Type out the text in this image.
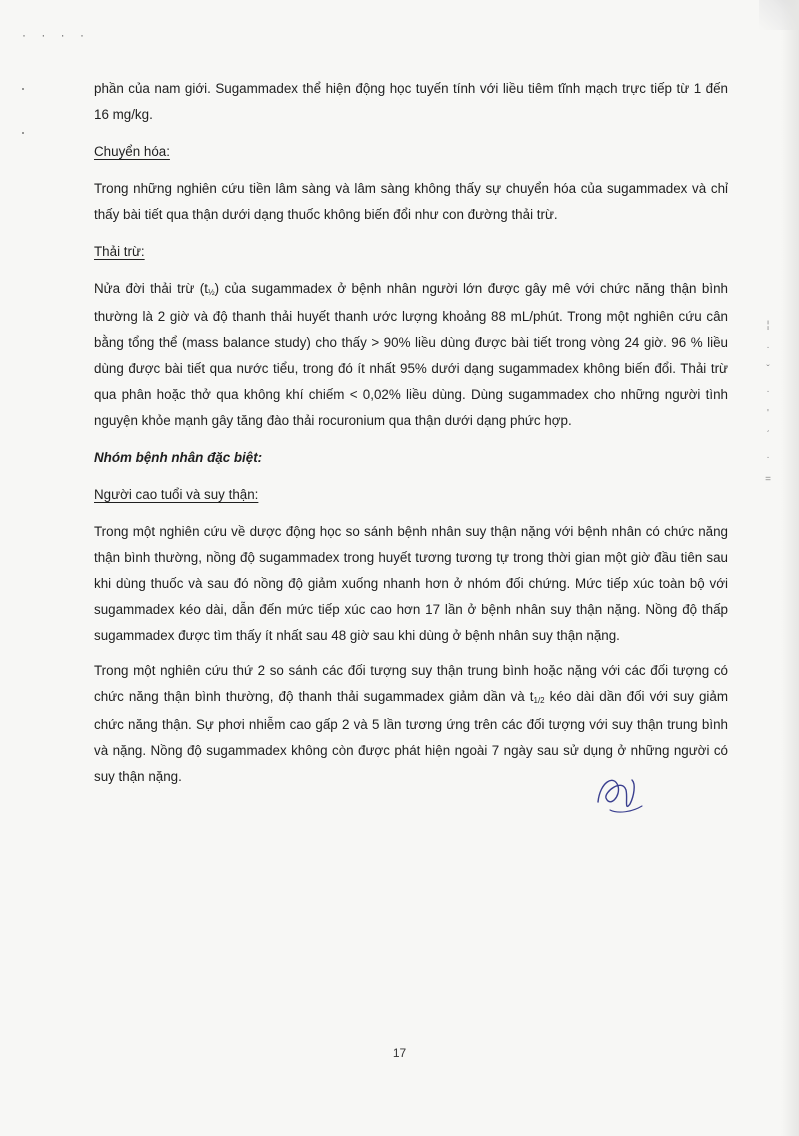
· · · ·
¦
·
ˇ
·
'
ˊ
·
=

phần của nam giới. Sugammadex thể hiện động học tuyến tính với liều tiêm tĩnh mạch trực tiếp từ 1 đến 16 mg/kg.

Chuyển hóa:

Trong những nghiên cứu tiền lâm sàng và lâm sàng không thấy sự chuyển hóa của sugammadex và chỉ thấy bài tiết qua thận dưới dạng thuốc không biến đổi như con đường thải trừ.

Thải trừ:

Nửa đời thải trừ $(t_{\frac{1}{2}})$ của sugammadex ở bệnh nhân người lớn được gây mê với chức năng thận bình thường là 2 giờ và độ thanh thải huyết thanh ước lượng khoảng 88 mL/phút. Trong một nghiên cứu cân bằng tổng thể (mass balance study) cho thấy > 90% liều dùng được bài tiết trong vòng 24 giờ. 96 % liều dùng được bài tiết qua nước tiểu, trong đó ít nhất 95% dưới dạng sugammadex không biến đổi. Thải trừ qua phân hoặc thở qua không khí chiếm < 0,02% liều dùng. Dùng sugammadex cho những người tình nguyện khỏe mạnh gây tăng đào thải rocuronium qua thận dưới dạng phức hợp.

Nhóm bệnh nhân đặc biệt:

Người cao tuổi và suy thận:

Trong một nghiên cứu về dược động học so sánh bệnh nhân suy thận nặng với bệnh nhân có chức năng thận bình thường, nồng độ sugammadex trong huyết tương tương tự trong thời gian một giờ đầu tiên sau khi dùng thuốc và sau đó nồng độ giảm xuống nhanh hơn ở nhóm đối chứng. Mức tiếp xúc toàn bộ với sugammadex kéo dài, dẫn đến mức tiếp xúc cao hơn 17 lần ở bệnh nhân suy thận nặng. Nồng độ thấp sugammadex được tìm thấy ít nhất sau 48 giờ sau khi dùng ở bệnh nhân suy thận nặng.

Trong một nghiên cứu thứ 2 so sánh các đối tượng suy thận trung bình hoặc nặng với các đối tượng có chức năng thận bình thường, độ thanh thải sugammadex giảm dần và $t_{1/2}$ kéo dài dần đối với suy giảm chức năng thận. Sự phơi nhiễm cao gấp 2 và 5 lần tương ứng trên các đối tượng với suy thận trung bình và nặng. Nồng độ sugammadex không còn được phát hiện ngoài 7 ngày sau sử dụng ở những người có suy thận nặng.

17
